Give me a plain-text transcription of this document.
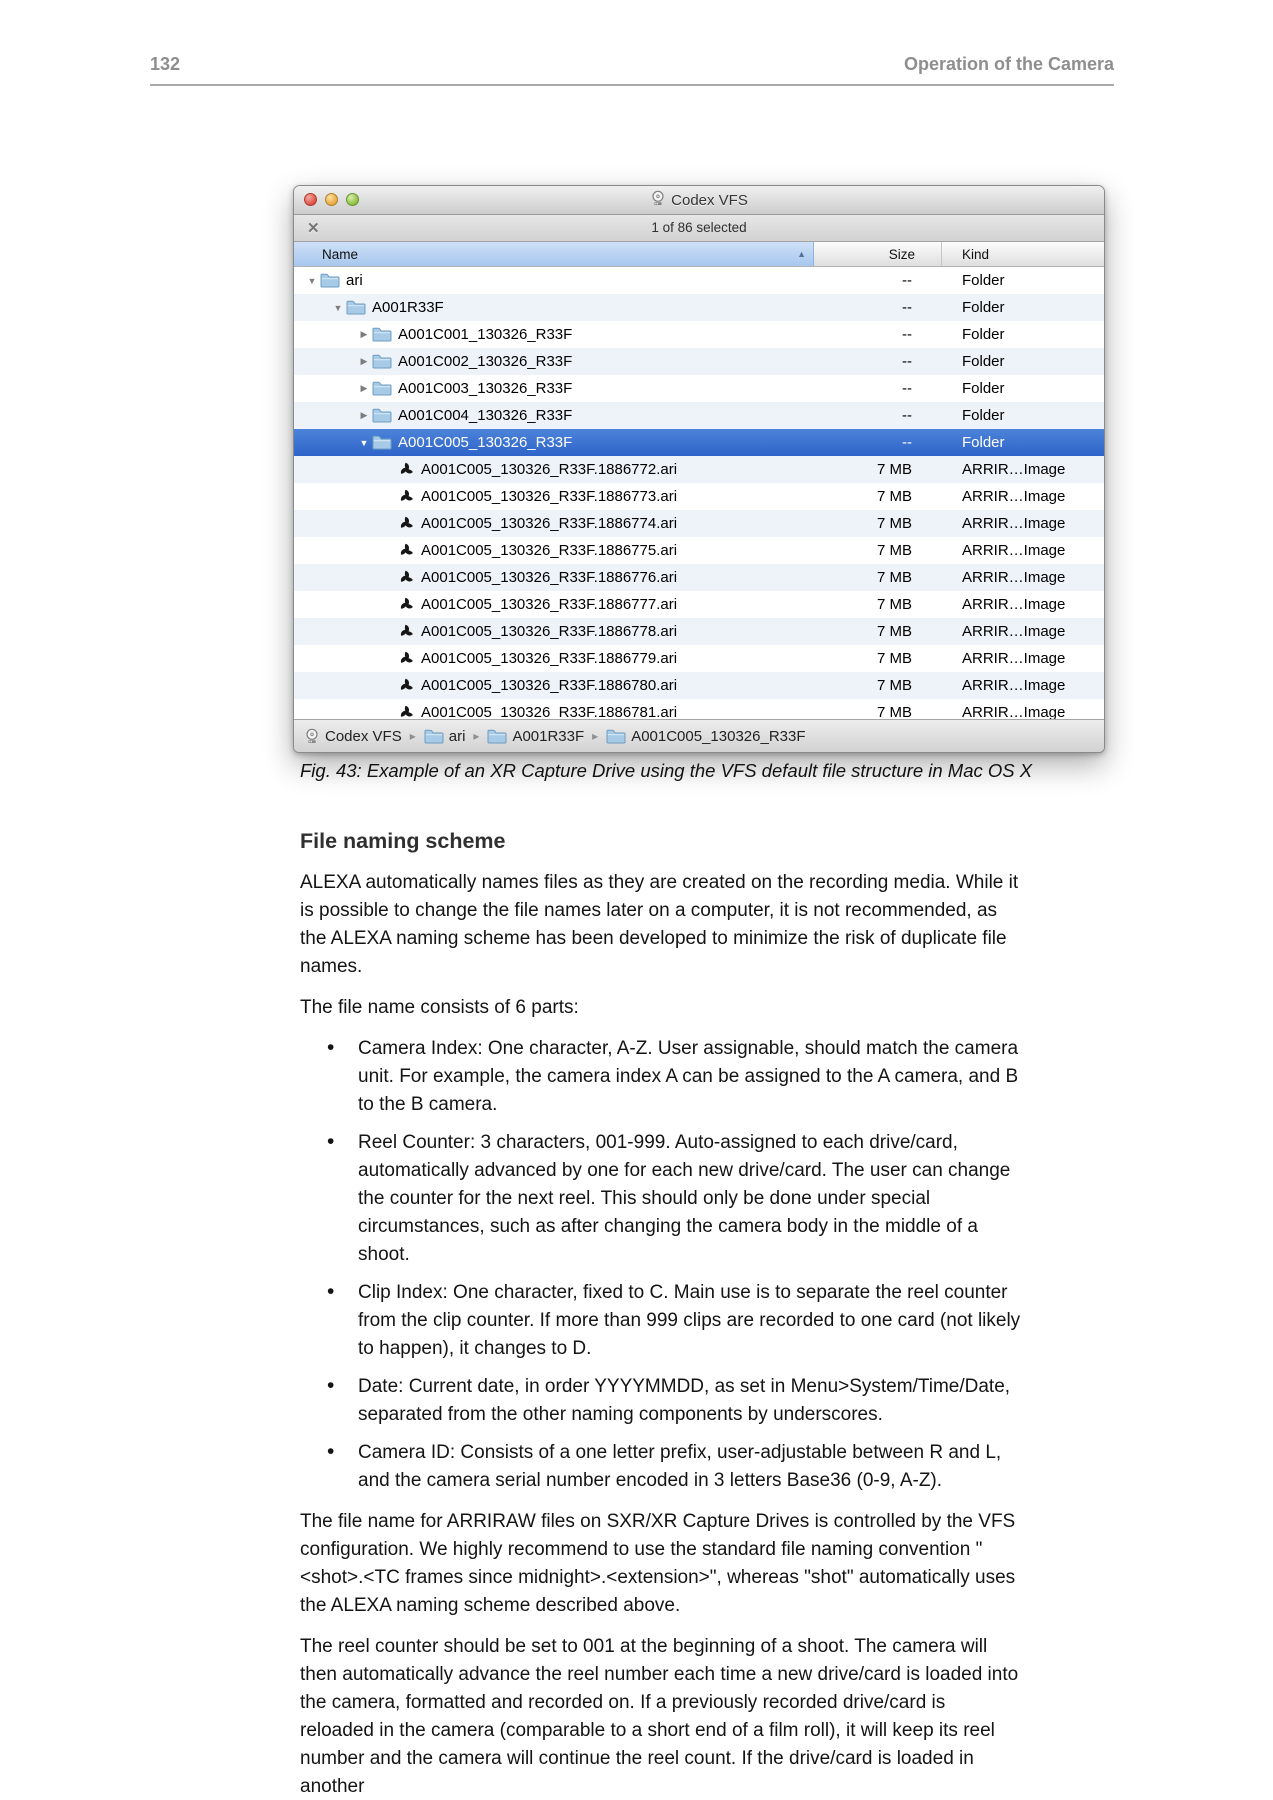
132	Operation of the Camera
Codex VFS
✕	1 of 86 selected
Name	▲	Size	Kind
▼ ari	--	Folder
▼ A001R33F	--	Folder
▶	A001C001_130326_R33F	--	Folder
▶	A001C002_130326_R33F	--	Folder
▶	A001C003_130326_R33F	--	Folder
▶	A001C004_130326_R33F	--	Folder
▼ A001C005_130326_R33F	--	Folder
A001C005_130326_R33F.1886772.ari	7 MB	ARRIR…Image
A001C005_130326_R33F.1886773.ari	7 MB	ARRIR…Image
A001C005_130326_R33F.1886774.ari	7 MB	ARRIR…Image
A001C005_130326_R33F.1886775.ari	7 MB	ARRIR…Image
A001C005_130326_R33F.1886776.ari	7 MB	ARRIR…Image
A001C005_130326_R33F.1886777.ari	7 MB	ARRIR…Image
A001C005_130326_R33F.1886778.ari	7 MB	ARRIR…Image
A001C005_130326_R33F.1886779.ari	7 MB	ARRIR…Image
A001C005_130326_R33F.1886780.ari	7 MB	ARRIR…Image
A001C005_130326_R33F.1886781.ari	7 MB	ARRIR…Image
Codex VFS ▸ ari ▸ A001R33F ▸ A001C005_130326_R33F

Fig. 43: Example of an XR Capture Drive using the VFS default file structure in Mac OS X

File naming scheme

ALEXA automatically names files as they are created on the recording media. While it is possible to change the file names later on a computer, it is not recommended, as the ALEXA naming scheme has been developed to minimize the risk of duplicate file names.

The file name consists of 6 parts:

• Camera Index: One character, A-Z. User assignable, should match the camera unit. For example, the camera index A can be assigned to the A camera, and B to the B camera.
• Reel Counter: 3 characters, 001-999. Auto-assigned to each drive/card, automatically advanced by one for each new drive/card. The user can change the counter for the next reel. This should only be done under special circumstances, such as after changing the camera body in the middle of a shoot.
• Clip Index: One character, fixed to C. Main use is to separate the reel counter from the clip counter. If more than 999 clips are recorded to one card (not likely to happen), it changes to D.
• Date: Current date, in order YYYYMMDD, as set in Menu>System/Time/Date, separated from the other naming components by underscores.
• Camera ID: Consists of a one letter prefix, user-adjustable between R and L, and the camera serial number encoded in 3 letters Base36 (0-9, A-Z).

The file name for ARRIRAW files on SXR/XR Capture Drives is controlled by the VFS configuration. We highly recommend to use the standard file naming convention "<shot>.<TC frames since midnight>.<extension>", whereas "shot" automatically uses the ALEXA naming scheme described above.

The reel counter should be set to 001 at the beginning of a shoot. The camera will then automatically advance the reel number each time a new drive/card is loaded into the camera, formatted and recorded on. If a previously recorded drive/card is reloaded in the camera (comparable to a short end of a film roll), it will keep its reel number and the camera will continue the reel count. If the drive/card is loaded in another
